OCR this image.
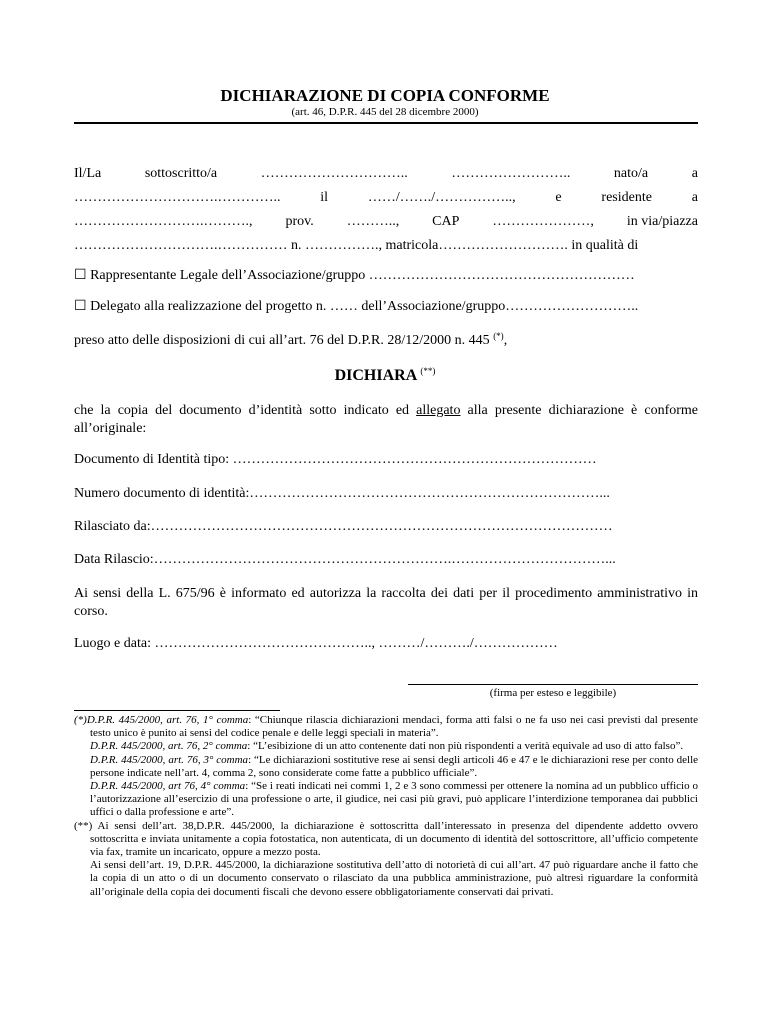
DICHIARAZIONE DI COPIA CONFORME
(art. 46, D.P.R. 445 del 28 dicembre 2000)
Il/La	sottoscritto/a	…………………………..	……………………..	nato/a	a
………………………….…………..	il	……/……./……………..,	e	residente	a
……………………….………., prov. ……….., CAP …………………, in via/piazza
………………………….…………… n. ……………., matricola………………………. in qualità di
☐ Rappresentante Legale dell’Associazione/gruppo …………………………………………………
☐ Delegato alla realizzazione del progetto n. …… dell’Associazione/gruppo………………………..
preso atto delle disposizioni di cui all’art. 76 del D.P.R. 28/12/2000 n. 445 (*),
DICHIARA (**)
che la copia del documento d’identità sotto indicato ed allegato alla presente dichiarazione è conforme all’originale:
Documento di Identità tipo: ……………………………………………………………………
Numero documento di identità:…………………………………………………………………...
Rilasciato da:………………………………………………………………………………………
Data Rilascio:……………………………………………………….……………………………...
Ai sensi della L. 675/96 è informato ed autorizza la raccolta dei dati per il procedimento amministrativo in corso.
Luogo e data: ……………………………………….., ………/………./………………
(firma per esteso e leggibile)

(*)D.P.R. 445/2000, art. 76, 1° comma: “Chiunque rilascia dichiarazioni mendaci, forma atti falsi o ne fa uso nei casi previsti dal presente testo unico è punito ai sensi del codice penale e delle leggi speciali in materia”.

D.P.R. 445/2000, art. 76, 2° comma: “L’esibizione di un atto contenente dati non più rispondenti a verità equivale ad uso di atto falso”.

D.P.R. 445/2000, art. 76, 3° comma: “Le dichiarazioni sostitutive rese ai sensi degli articoli 46 e 47 e le dichiarazioni rese per conto delle persone indicate nell’art. 4, comma 2, sono considerate come fatte a pubblico ufficiale”.

D.P.R. 445/2000, art 76, 4° comma: “Se i reati indicati nei commi 1, 2 e 3 sono commessi per ottenere la nomina ad un pubblico ufficio o l’autorizzazione all’esercizio di una professione o arte, il giudice, nei casi più gravi, può applicare l’interdizione temporanea dai pubblici uffici o dalla professione e arte”.

(**) Ai sensi dell’art. 38,D.P.R. 445/2000, la dichiarazione è sottoscritta dall’interessato in presenza del dipendente addetto ovvero sottoscritta e inviata unitamente a copia fotostatica, non autenticata, di un documento di identità del sottoscrittore, all’ufficio competente via fax, tramite un incaricato, oppure a mezzo posta.

Ai sensi dell’art. 19, D.P.R. 445/2000, la dichiarazione sostitutiva dell’atto di notorietà di cui all’art. 47 può riguardare anche il fatto che la copia di un atto o di un documento conservato o rilasciato da una pubblica amministrazione, può altresì riguardare la conformità all’originale della copia dei documenti fiscali che devono essere obbligatoriamente conservati dai privati.
